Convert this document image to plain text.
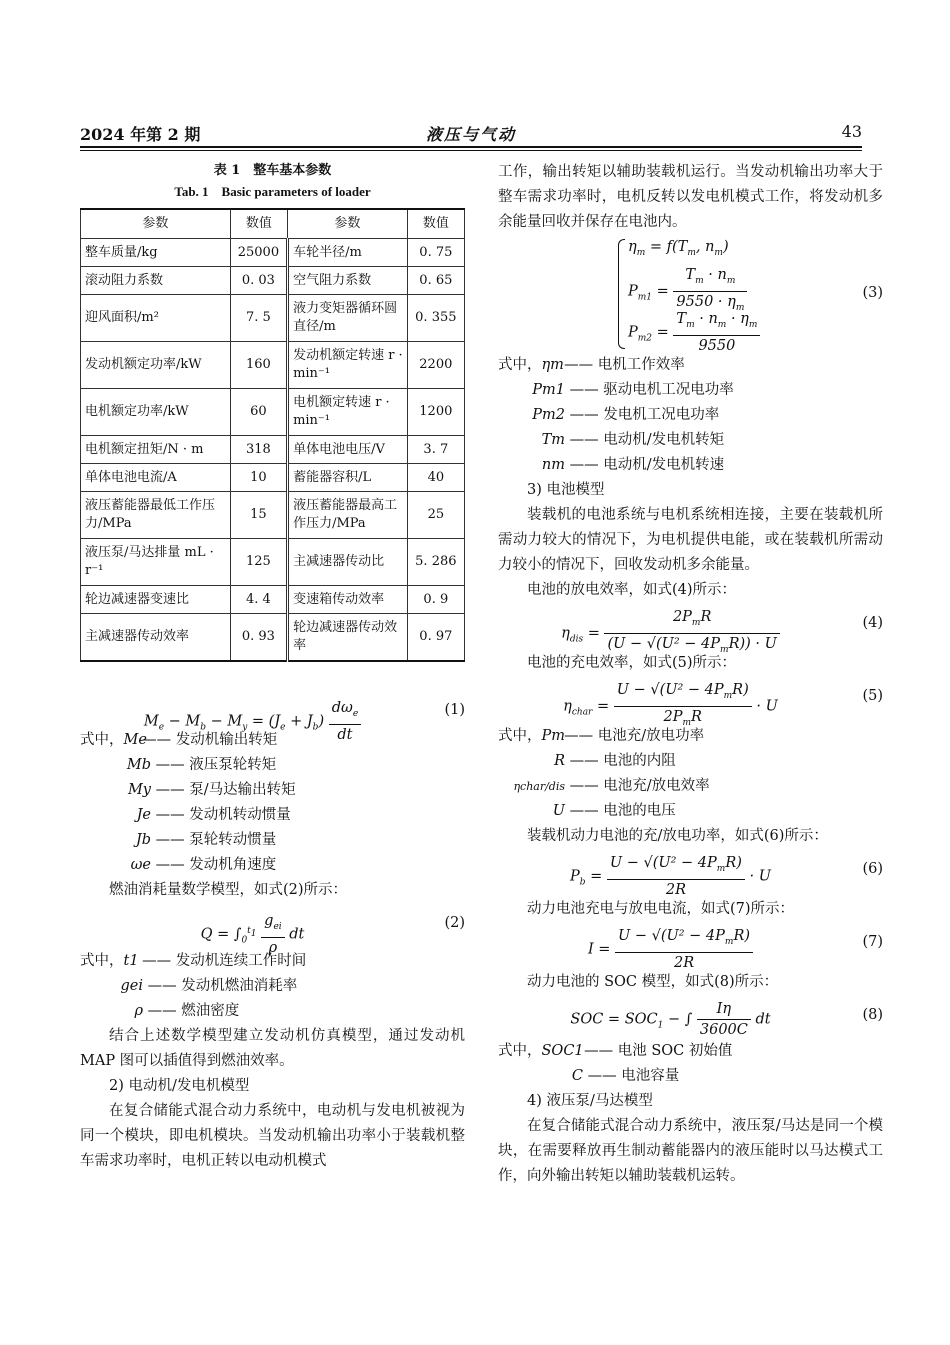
2024 年第 2 期	液压与气动	43
表 1　整车基本参数
Tab. 1　Basic parameters of loader
参数	数值	参数	数值
整车质量/kg	25000	车轮半径/m	0. 75
滚动阻力系数	0. 03	空气阻力系数	0. 65
迎风面积/m²	7. 5	液力变矩器循环圆直径/m	0. 355
发动机额定功率/kW	160	发动机额定转速 r · min⁻¹	2200
电机额定功率/kW	60	电机额定转速 r · min⁻¹	1200
电机额定扭矩/N · m	318	单体电池电压/V	3. 7
单体电池电流/A	10	蓄能器容积/L	40
液压蓄能器最低工作压力/MPa	15	液压蓄能器最高工作压力/MPa	25
液压泵/马达排量 mL · r⁻¹	125	主减速器传动比	5. 286
轮边减速器变速比	4. 4	变速箱传动效率	0. 9
主减速器传动效率	0. 93	轮边减速器传动效率	0. 97
$M_e - M_b - M_y = (J_e + J_b) \frac{d\omega_e}{dt}$	(1)
式中，Me —— 发动机输出转矩
Mb —— 液压泵轮转矩
My —— 泵/马达输出转矩
Je —— 发动机转动惯量
Jb —— 泵轮转动惯量
ωe —— 发动机角速度

燃油消耗量数学模型，如式(2)所示：

$Q = \int_0^{t_1} \frac{g_{ei}}{\rho}$ dt
(2)
式中，t1 —— 发动机连续工作时间
gei —— 发动机燃油消耗率
ρ —— 燃油密度

结合上述数学模型建立发动机仿真模型，通过发动机 MAP 图可以插值得到燃油效率。

2) 电动机/发电机模型

在复合储能式混合动力系统中，电动机与发电机被视为同一个模块，即电机模块。当发动机输出功率小于装载机整车需求功率时，电机正转以电动机模式

工作，输出转矩以辅助装载机运行。当发动机输出功率大于整车需求功率时，电机反转以发电机模式工作，将发动机多余能量回收并保存在电池内。

$\eta_m = f(T_m$, $n_m$)
$P_{m1} = \frac{T_m \cdot n_m}{9550 \cdot \eta_m}$
$P_{m2} = \frac{T_m \cdot n_m \cdot \eta_m}{9550}$
(3)
式中，ηm —— 电机工作效率
Pm1 —— 驱动电机工况电功率
Pm2 —— 发电机工况电功率
Tm —— 电动机/发电机转矩
nm —— 电动机/发电机转速

3) 电池模型

装载机的电池系统与电机系统相连接，主要在装载机所需动力较大的情况下，为电机提供电能，或在装载机所需动力较小的情况下，回收发动机多余能量。

电池的放电效率，如式(4)所示：

$\eta_{dis} = \frac{2P_mR}{(U - √(U^2 - 4P_mR)) \cdot U}$	(4)

电池的充电效率，如式(5)所示：

$\eta_{char} = \frac{U - √(U^2 - 4P_mR)}{2P_mR} \cdot U$
(5)
式中，Pm —— 电池充/放电功率
R —— 电池的内阻
ηchar/dis —— 电池充/放电效率
U —— 电池的电压

装载机动力电池的充/放电功率，如式(6)所示：

$P_b = \frac{U - √(U^2 - 4P_mR)}{2R} \cdot U$	(6)

动力电池充电与放电电流，如式(7)所示：

$I = \frac{U - √(U^2 - 4P_mR)}{2R}$	(7)

动力电池的 SOC 模型，如式(8)所示：

SOC = $SOC_1$ − ∫ $\frac{I\eta}{3600C}$ dt	(8)
式中，SOC1 —— 电池 SOC 初始值
C —— 电池容量

4) 液压泵/马达模型

在复合储能式混合动力系统中，液压泵/马达是同一个模块，在需要释放再生制动蓄能器内的液压能时以马达模式工作，向外输出转矩以辅助装载机运转。
